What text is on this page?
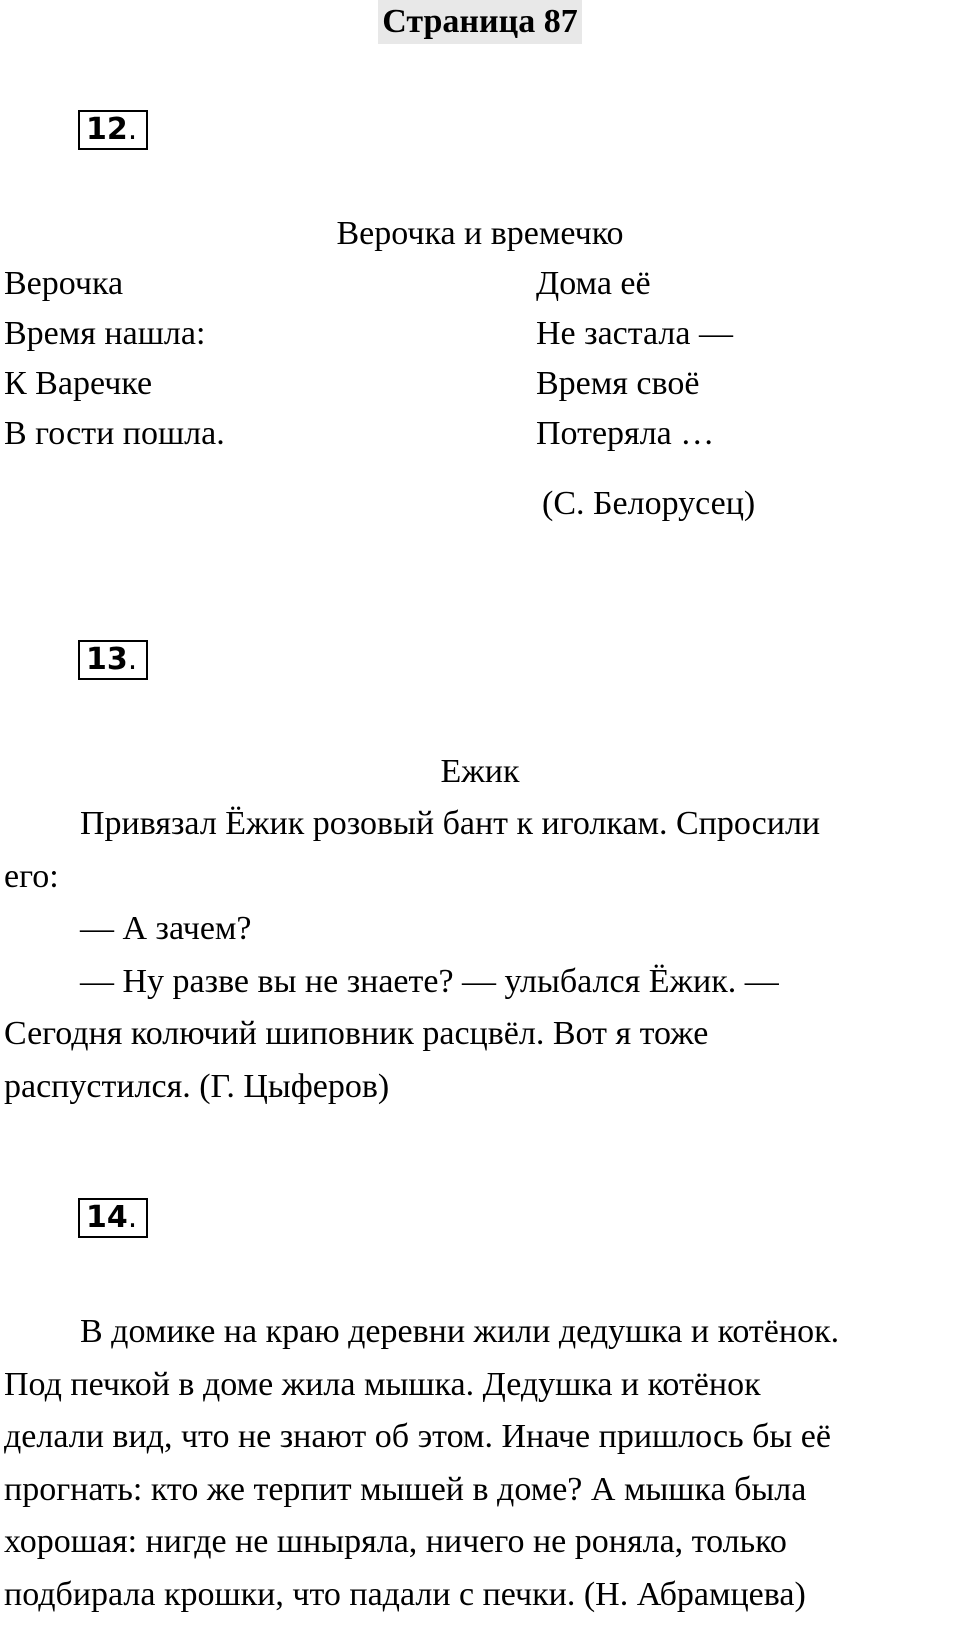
Страница 87
12.
Верочка и времечко
Верочка
Время нашла:
К Варечке
В гости пошла.
Дома её
Не застала —
Время своё
Потеряла …
(С. Белорусец)
13.
Ежик
Привязал Ёжик розовый бант к иголкам. Спросили
его:
— А зачем?
— Ну разве вы не знаете? — улыбался Ёжик. —
Сегодня колючий шиповник расцвёл. Вот я тоже
распустился. (Г. Цыферов)
14.
В домике на краю деревни жили дедушка и котёнок.
Под печкой в доме жила мышка. Дедушка и котёнок
делали вид, что не знают об этом. Иначе пришлось бы её
прогнать: кто же терпит мышей в доме? А мышка была
хорошая: нигде не шныряла, ничего не роняла, только
подбирала крошки, что падали с печки. (Н. Абрамцева)
